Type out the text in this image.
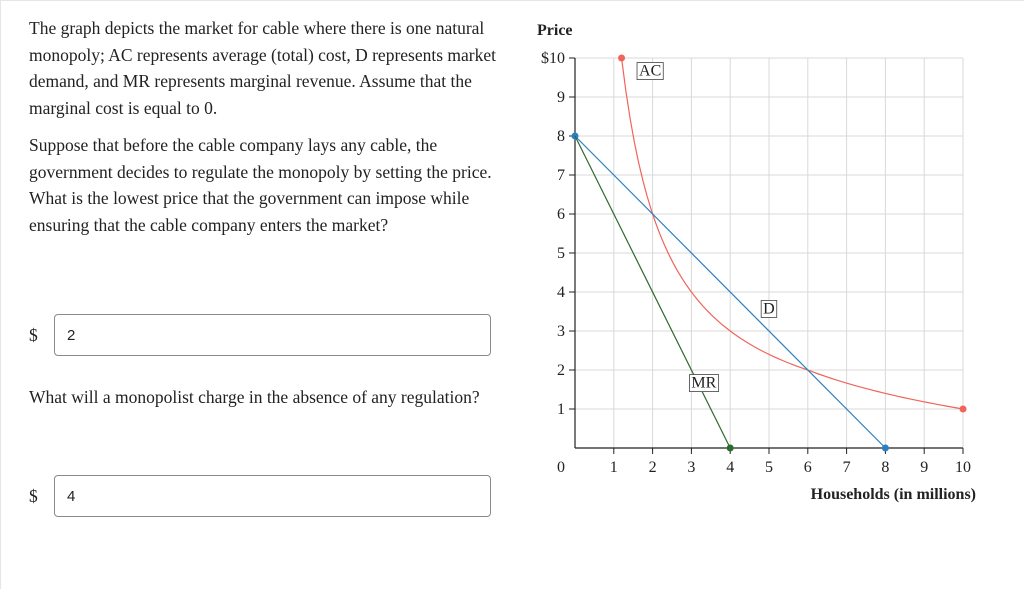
The graph depicts the market for cable where there is one natural monopoly; AC represents average (total) cost, D represents market demand, and MR represents marginal revenue. Assume that the marginal cost is equal to 0.
Suppose that before the cable company lays any cable, the government decides to regulate the monopoly by setting the price. What is the lowest price that the government can impose while ensuring that the cable company enters the market?
$
2
What will a monopolist charge in the absence of any regulation?
$
4
Price
Households (in millions)
1
2
3
4
5
6
7
8
9
$10
0	1 2 3 4 5 6 7 8 9 10
AC
D
MR
